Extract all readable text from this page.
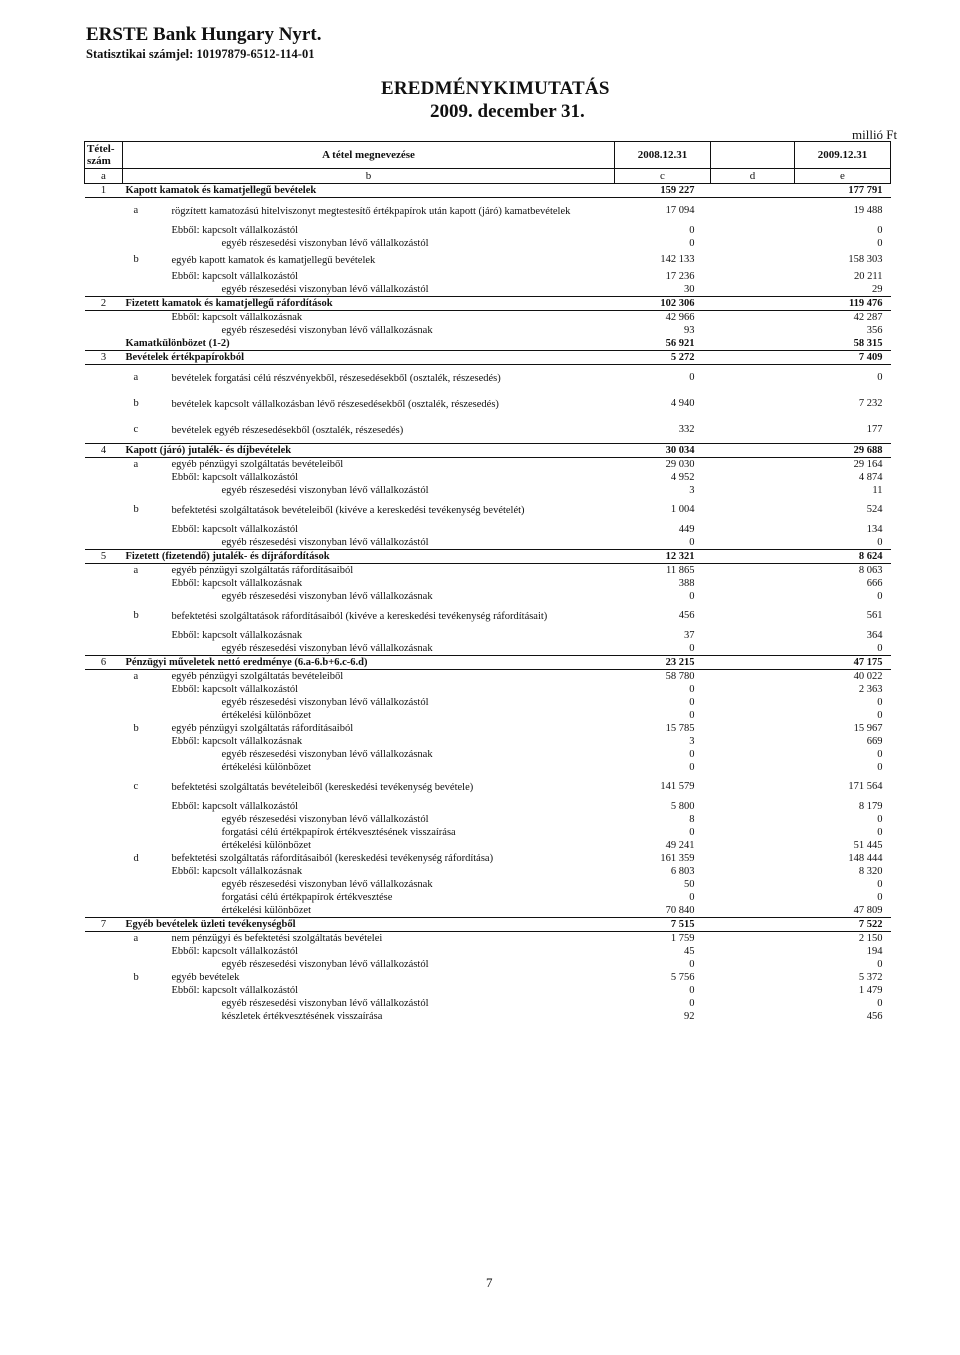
ERSTE Bank Hungary Nyrt.
Statisztikai számjel: 10197879-6512-114-01
EREDMÉNYKIMUTATÁS
2009. december 31.
millió Ft
Tétel-szám	A tétel megnevezése	2008.12.31		2009.12.31
a	b	c	d	e
1	Kapott kamatok és kamatjellegű bevételek	159 227		177 791

	a rögzített kamatozású hitelviszonyt megtestesítő értékpapírok után kapott (járó) kamatbevételek	17 094		19 488

	Ebből: kapcsolt vállalkozástól	0		0

	egyéb részesedési viszonyban lévő vállalkozástól	0		0

	b egyéb kapott kamatok és kamatjellegű bevételek	142 133		158 303

	Ebből: kapcsolt vállalkozástól	17 236		20 211

	egyéb részesedési viszonyban lévő vállalkozástól	30		29
2	Fizetett kamatok és kamatjellegű ráfordítások	102 306		119 476

	Ebből: kapcsolt vállalkozásnak	42 966		42 287

	egyéb részesedési viszonyban lévő vállalkozásnak	93		356

	Kamatkülönbözet (1-2)	56 921		58 315
3	Bevételek értékpapírokból	5 272		7 409

	a bevételek forgatási célú részvényekből, részesedésekből (osztalék, részesedés)	0		0

	b bevételek kapcsolt vállalkozásban lévő részesedésekből (osztalék, részesedés)	4 940		7 232

	c bevételek egyéb részesedésekből (osztalék, részesedés)	332		177
4	Kapott (járó) jutalék- és díjbevételek	30 034		29 688

	a egyéb pénzügyi szolgáltatás bevételeiből	29 030		29 164

	Ebből: kapcsolt vállalkozástól	4 952		4 874

	egyéb részesedési viszonyban lévő vállalkozástól	3		11

	b befektetési szolgáltatások bevételeiből (kivéve a kereskedési tevékenység bevételét)	1 004		524

	Ebből: kapcsolt vállalkozástól	449		134

	egyéb részesedési viszonyban lévő vállalkozástól	0		0
5	Fizetett (fizetendő) jutalék- és díjráfordítások	12 321		8 624

	a egyéb pénzügyi szolgáltatás ráfordításaiból	11 865		8 063

	Ebből: kapcsolt vállalkozásnak	388		666

	egyéb részesedési viszonyban lévő vállalkozásnak	0		0

	b befektetési szolgáltatások ráfordításaiból (kivéve a kereskedési tevékenység ráfordításait)	456		561

	Ebből: kapcsolt vállalkozásnak	37		364

	egyéb részesedési viszonyban lévő vállalkozásnak	0		0
6	Pénzügyi műveletek nettó eredménye (6.a-6.b+6.c-6.d)	23 215		47 175

	a egyéb pénzügyi szolgáltatás bevételeiből	58 780		40 022

	Ebből: kapcsolt vállalkozástól	0		2 363

	egyéb részesedési viszonyban lévő vállalkozástól	0		0

	értékelési különbözet	0		0

	b egyéb pénzügyi szolgáltatás ráfordításaiból	15 785		15 967

	Ebből: kapcsolt vállalkozásnak	3		669

	egyéb részesedési viszonyban lévő vállalkozásnak	0		0

	értékelési különbözet	0		0

	c befektetési szolgáltatás bevételeiből (kereskedési tevékenység bevétele)	141 579		171 564

	Ebből: kapcsolt vállalkozástól	5 800		8 179

	egyéb részesedési viszonyban lévő vállalkozástól	8		0

	forgatási célú értékpapírok értékvesztésének visszaírása	0		0

	értékelési különbözet	49 241		51 445

	d befektetési szolgáltatás ráfordításaiból (kereskedési tevékenység ráfordítása)	161 359		148 444

	Ebből: kapcsolt vállalkozásnak	6 803		8 320

	egyéb részesedési viszonyban lévő vállalkozásnak	50		0

	forgatási célú értékpapírok értékvesztése	0		0

	értékelési különbözet	70 840		47 809
7	Egyéb bevételek üzleti tevékenységből	7 515		7 522

	a nem pénzügyi és befektetési szolgáltatás bevételei	1 759		2 150

	Ebből: kapcsolt vállalkozástól	45		194

	egyéb részesedési viszonyban lévő vállalkozástól	0		0

	b egyéb bevételek	5 756		5 372

	Ebből: kapcsolt vállalkozástól	0		1 479

	egyéb részesedési viszonyban lévő vállalkozástól	0		0

	készletek értékvesztésének visszaírása	92		456
7
